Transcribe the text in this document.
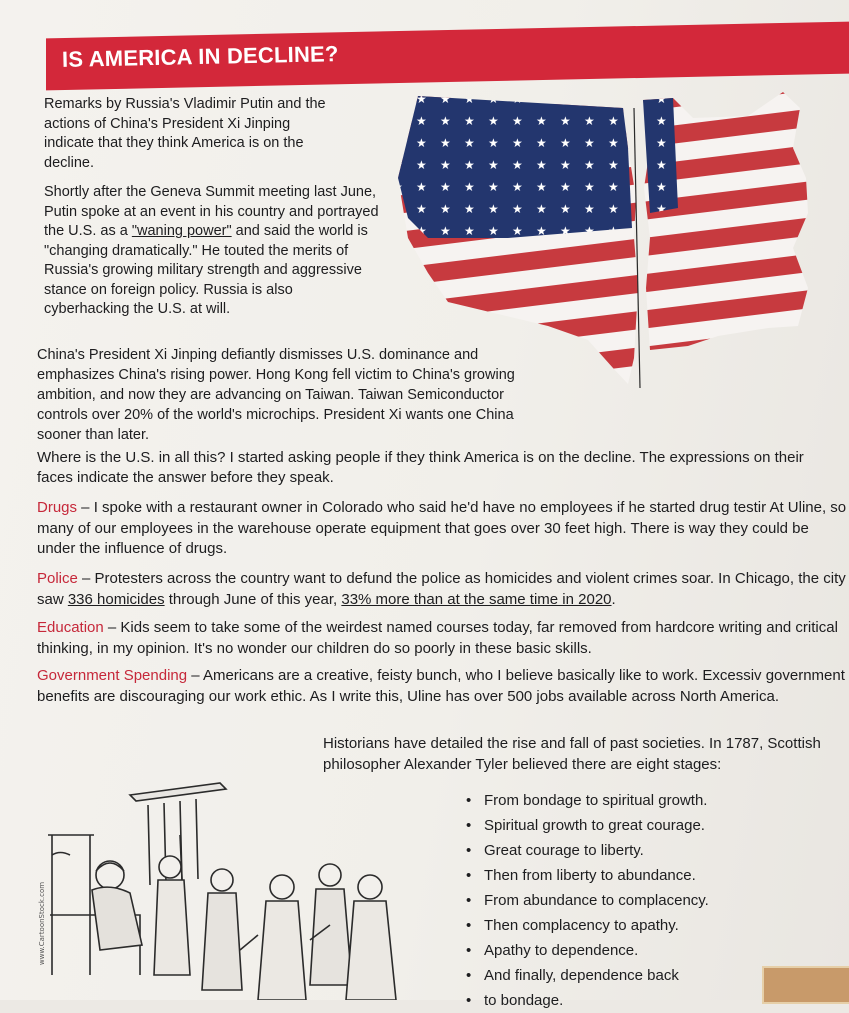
IS AMERICA IN DECLINE?

Remarks by Russia's Vladimir Putin and the actions of China's President Xi Jinping indicate that they think America is on the decline.

Shortly after the Geneva Summit meeting last June, Putin spoke at an event in his country and portrayed the U.S. as a "waning power" and said the world is "changing dramatically." He touted the merits of Russia's growing military strength and aggressive stance on foreign policy. Russia is also cyberhacking the U.S. at will.

China's President Xi Jinping defiantly dismisses U.S. dominance and emphasizes China's rising power. Hong Kong fell victim to China's growing ambition, and now they are advancing on Taiwan. Taiwan Semiconductor controls over 20% of the world's microchips. President Xi wants one China sooner than later.

Where is the U.S. in all this? I started asking people if they think America is on the decline. The expressions on their faces indicate the answer before they speak.

Drugs – I spoke with a restaurant owner in Colorado who said he'd have no employees if he started drug testir At Uline, so many of our employees in the warehouse operate equipment that goes over 30 feet high. There is way they could be under the influence of drugs.

Police – Protesters across the country want to defund the police as homicides and violent crimes soar. In Chicago, the city saw 336 homicides through June of this year, 33% more than at the same time in 2020.

Education – Kids seem to take some of the weirdest named courses today, far removed from hardcore writing and critical thinking, in my opinion. It's no wonder our children do so poorly in these basic skills.

Government Spending – Americans are a creative, feisty bunch, who I believe basically like to work. Excessiv government benefits are discouraging our work ethic. As I write this, Uline has over 500 jobs available across North America.

Historians have detailed the rise and fall of past societies. In 1787, Scottish philosopher Alexander Tyler believed there are eight stages:

• From bondage to spiritual growth.
• Spiritual growth to great courage.
• Great courage to liberty.
• Then from liberty to abundance.
• From abundance to complacency.
• Then complacency to apathy.
• Apathy to dependence.
• And finally, dependence back
• to bondage.
www.CartoonStock.com
